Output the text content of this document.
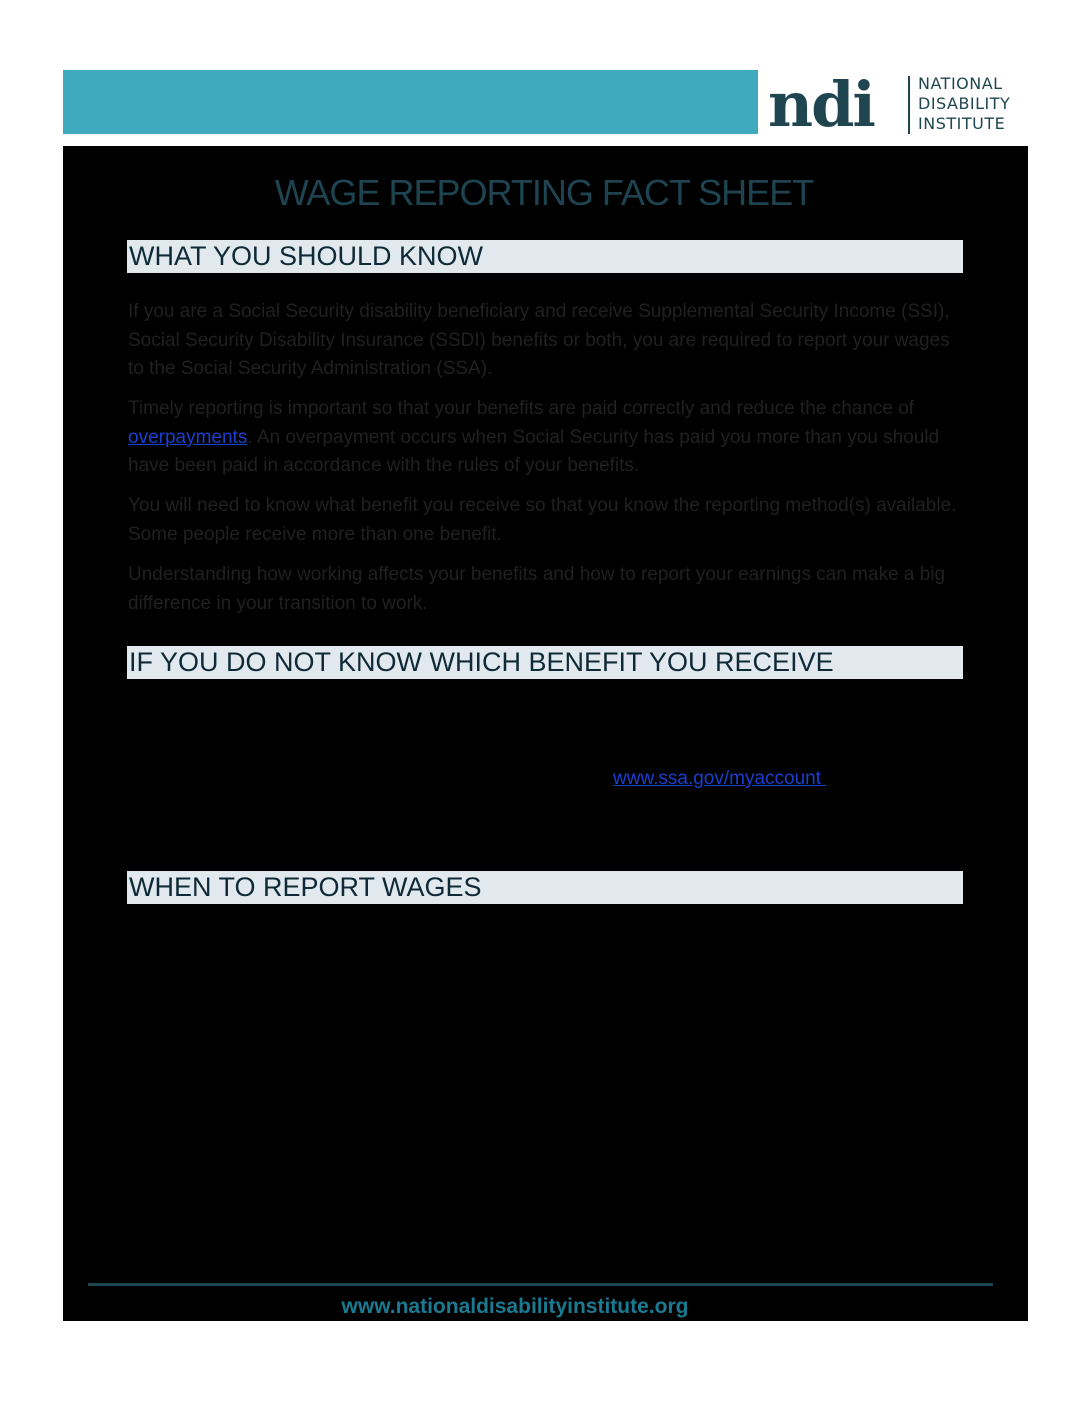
ndi	NATIONAL
DISABILITY
INSTITUTE
WAGE REPORTING FACT SHEET
WHAT YOU SHOULD KNOW
If you are a Social Security disability beneficiary and receive Supplemental Security Income (SSI), Social Security Disability Insurance (SSDI) benefits or both, you are required to report your wages to the Social Security Administration (SSA).
Timely reporting is important so that your benefits are paid correctly and reduce the chance of overpayments. An overpayment occurs when Social Security has paid you more than you should have been paid in accordance with the rules of your benefits.
You will need to know what benefit you receive so that you know the reporting method(s) available. Some people receive more than one benefit.
Understanding how working affects your benefits and how to report your earnings can make a big difference in your transition to work.
IF YOU DO NOT KNOW WHICH BENEFIT YOU RECEIVE
www.ssa.gov/myaccount
WHEN TO REPORT WAGES
www.nationaldisabilityinstitute.org
